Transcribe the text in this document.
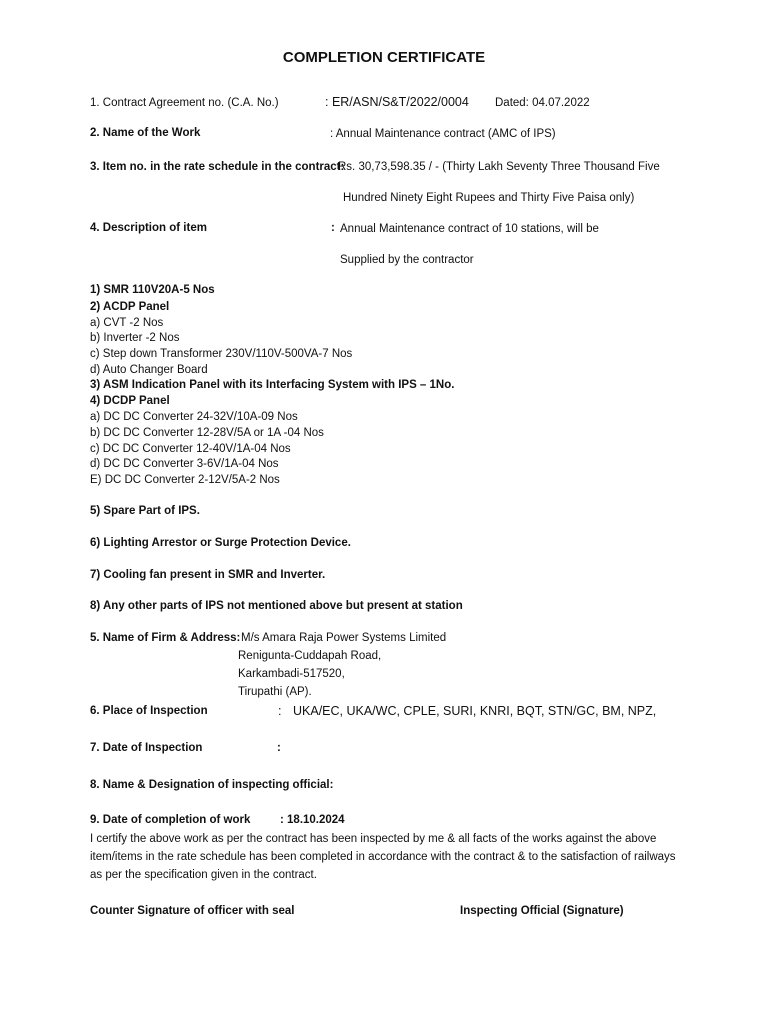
COMPLETION CERTIFICATE
1. Contract Agreement no. (C.A. No.)	: ER/ASN/S&T/2022/0004 Dated: 04.07.2022
2. Name of the Work	: Annual Maintenance contract (AMC of IPS)
3. Item no. in the rate schedule in the contract:
Rs. 30,73,598.35 / - (Thirty Lakh Seventy Three Thousand Five
Hundred Ninety Eight Rupees and Thirty Five Paisa only)
4. Description of item	: Annual Maintenance contract of 10 stations, will be
Supplied by the contractor
1) SMR 110V20A-5 Nos
2) ACDP Panel
a) CVT -2 Nos
b) Inverter -2 Nos
c) Step down Transformer 230V/110V-500VA-7 Nos
d) Auto Changer Board
3) ASM Indication Panel with its Interfacing System with IPS – 1No.
4) DCDP Panel
a) DC DC Converter 24-32V/10A-09 Nos
b) DC DC Converter 12-28V/5A or 1A -04 Nos
c) DC DC Converter 12-40V/1A-04 Nos
d) DC DC Converter 3-6V/1A-04 Nos
E) DC DC Converter 2-12V/5A-2 Nos
5) Spare Part of IPS.
6) Lighting Arrestor or Surge Protection Device.
7) Cooling fan present in SMR and Inverter.
8) Any other parts of IPS not mentioned above but present at station
5. Name of Firm & Address: M/s Amara Raja Power Systems Limited
Renigunta-Cuddapah Road,
Karkambadi-517520,
Tirupathi (AP).
6. Place of Inspection	: UKA/EC, UKA/WC, CPLE, SURI, KNRI, BQT, STN/GC, BM, NPZ,
7. Date of Inspection	:
8. Name & Designation of inspecting official:
9. Date of completion of work	: 18.10.2024
I certify the above work as per the contract has been inspected by me & all facts of the works against the above item/items in the rate schedule has been completed in accordance with the contract & to the satisfaction of railways as per the specification given in the contract.
Counter Signature of officer with seal	Inspecting Official (Signature)
